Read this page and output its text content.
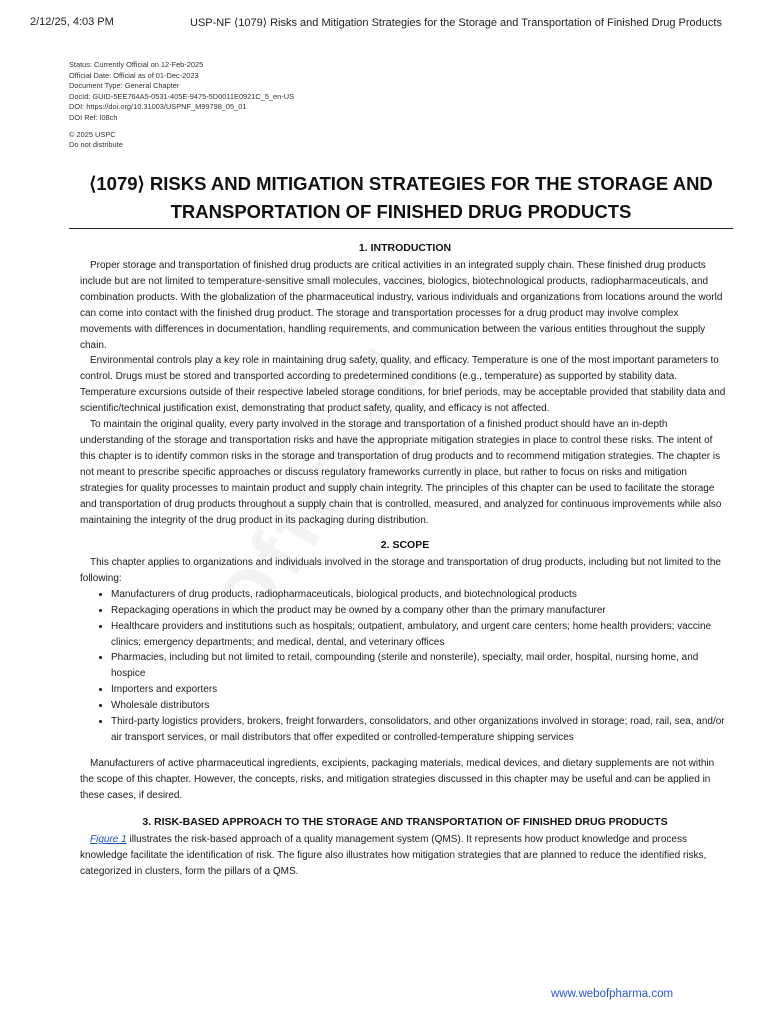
2/12/25, 4:03 PM	USP-NF ⟨1079⟩ Risks and Mitigation Strategies for the Storage and Transportation of Finished Drug Products
Status: Currently Official on 12-Feb-2025
Official Date: Official as of 01-Dec-2023
Document Type: General Chapter
DocId: GUID-5EE764A5-0531-405E-9475-5D0011E0921C_5_en-US
DOI: https://doi.org/10.31003/USPNF_M99798_05_01
DOI Ref: l08ch
© 2025 USPC
Do not distribute
⟨1079⟩ RISKS AND MITIGATION STRATEGIES FOR THE STORAGE AND TRANSPORTATION OF FINISHED DRUG PRODUCTS
1. INTRODUCTION

Proper storage and transportation of finished drug products are critical activities in an integrated supply chain. These finished drug products include but are not limited to temperature-sensitive small molecules, vaccines, biologics, biotechnological products, radiopharmaceuticals, and combination products. With the globalization of the pharmaceutical industry, various individuals and organizations from locations around the world can come into contact with the finished drug product. The storage and transportation processes for a drug product may involve complex movements with differences in documentation, handling requirements, and communication between the various entities throughout the supply chain.

Environmental controls play a key role in maintaining drug safety, quality, and efficacy. Temperature is one of the most important parameters to control. Drugs must be stored and transported according to predetermined conditions (e.g., temperature) as supported by stability data. Temperature excursions outside of their respective labeled storage conditions, for brief periods, may be acceptable provided that stability data and scientific/technical justification exist, demonstrating that product safety, quality, and efficacy is not affected.

To maintain the original quality, every party involved in the storage and transportation of a finished product should have an in-depth understanding of the storage and transportation risks and have the appropriate mitigation strategies in place to control these risks. The intent of this chapter is to identify common risks in the storage and transportation of drug products and to recommend mitigation strategies. The chapter is not meant to prescribe specific approaches or discuss regulatory frameworks currently in place, but rather to focus on risks and mitigation strategies for quality processes to maintain product and supply chain integrity. The principles of this chapter can be used to facilitate the storage and transportation of drug products throughout a supply chain that is controlled, measured, and analyzed for continuous improvements while also maintaining the integrity of the drug product in its packaging during distribution.

2. SCOPE

This chapter applies to organizations and individuals involved in the storage and transportation of drug products, including but not limited to the following:

• Manufacturers of drug products, radiopharmaceuticals, biological products, and biotechnological products
• Repackaging operations in which the product may be owned by a company other than the primary manufacturer
• Healthcare providers and institutions such as hospitals; outpatient, ambulatory, and urgent care centers; home health providers; vaccine clinics; emergency departments; and medical, dental, and veterinary offices
• Pharmacies, including but not limited to retail, compounding (sterile and nonsterile), specialty, mail order, hospital, nursing home, and hospice
• Importers and exporters
• Wholesale distributors
• Third-party logistics providers, brokers, freight forwarders, consolidators, and other organizations involved in storage; road, rail, sea, and/or air transport services, or mail distributors that offer expedited or controlled-temperature shipping services

Manufacturers of active pharmaceutical ingredients, excipients, packaging materials, medical devices, and dietary supplements are not within the scope of this chapter. However, the concepts, risks, and mitigation strategies discussed in this chapter may be useful and can be applied in these cases, if desired.

3. RISK-BASED APPROACH TO THE STORAGE AND TRANSPORTATION OF FINISHED DRUG PRODUCTS

Figure 1 illustrates the risk-based approach of a quality management system (QMS). It represents how product knowledge and process knowledge facilitate the identification of risk. The figure also illustrates how mitigation strategies that are planned to reduce the identified risks, categorized in clusters, form the pillars of a QMS.

www.webofpharma.com
